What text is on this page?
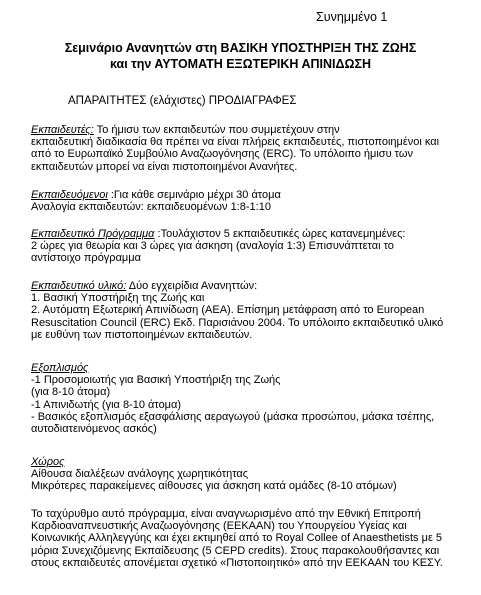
Συνημμένο 1
Σεμινάριο Ανανηττών στη ΒΑΣΙΚΗ ΥΠΟΣΤΗΡΙΞΗ ΤΗΣ ΖΩΗΣ
και την ΑΥΤΟΜΑΤΗ ΕΞΩΤΕΡΙΚΗ ΑΠΙΝΙΔΩΣΗ
ΑΠΑΡΑΙΤΗΤΕΣ (ελάχιστες) ΠΡΟΔΙΑΓΡΑΦΕΣ
Εκπαιδευτές: Το ήμισυ των εκπαιδευτών που συμμετέχουν στην
εκπαιδευτική διαδικασία θα πρέπει να είναι πλήρεις εκπαιδευτές, πιστοποιημένοι και
από το Ευρωπαϊκό Συμβούλιο Αναζωογόνησης (ERC). Το υπόλοιπο ήμισυ των
εκπαιδευτών μπορεί να είναι πιστοποιημένοι Ανανήτες.
Εκπαιδευόμενοι :Για κάθε σεμινάριο μέχρι 30 άτομα
Αναλογία εκπαιδευτών: εκπαιδευομένων 1:8-1:10
Εκπαιδευτικό Πρόγραμμα :Τουλάχιστον 5 εκπαιδευτικές ώρες κατανεμημένες:
2 ώρες για θεωρία και 3 ώρες για άσκηση (αναλογία 1:3) Επισυνάπτεται το
αντίστοιχο πρόγραμμα
Εκπαιδευτικό υλικό: Δύο εγχειρίδια Ανανηττών:
1. Βασική Υποστήριξη της Ζωής και
2. Αυτόματη Εξωτερική Απινίδωση (ΑΕΑ). Επίσημη μετάφραση από το European
Resuscitation Council (ERC) Εκδ. Παρισιάνου 2004. Το υπόλοιπο εκπαιδευτικό υλικό
με ευθύνη των πιστοποιημένων εκπαιδευτών.
Εξοπλισμός
-1 Προσομοιωτής για Βασική Υποστήριξη της Ζωής
(για 8-10 άτομα)
-1 Απινιδωτής (για 8-10 άτομα)
- Βασικός εξοπλισμός εξασφάλισης αεραγωγού (μάσκα προσώπου, μάσκα τσέπης,
αυτοδιατεινόμενος ασκός)
Χώρος
Αίθουσα διαλέξεων ανάλογης χωρητικότητας
Μικρότερες παρακείμενες αίθουσες για άσκηση κατά ομάδες (8-10 ατόμων)
Το ταχύρυθμο αυτό πρόγραμμα, είναι αναγνωρισμένο από την Εθνική Επιτροπή
Καρδιοαναπνευστικής Αναζωογόνησης (ΕΕΚΑΑΝ) του Υπουργείου Υγείας και
Κοινωνικής Αλληλεγγύης και έχει εκτιμηθεί από το Royal Collee of Anaesthetists με 5
μόρια Συνεχιζόμενης Εκπαίδευσης (5 CEPD credits). Στους παρακολουθήσαντες και
στους εκπαιδευτές απονέμεται σχετικό «Πιστοποιητικό» από την ΕΕΚΑΑΝ του ΚΕΣΥ.
